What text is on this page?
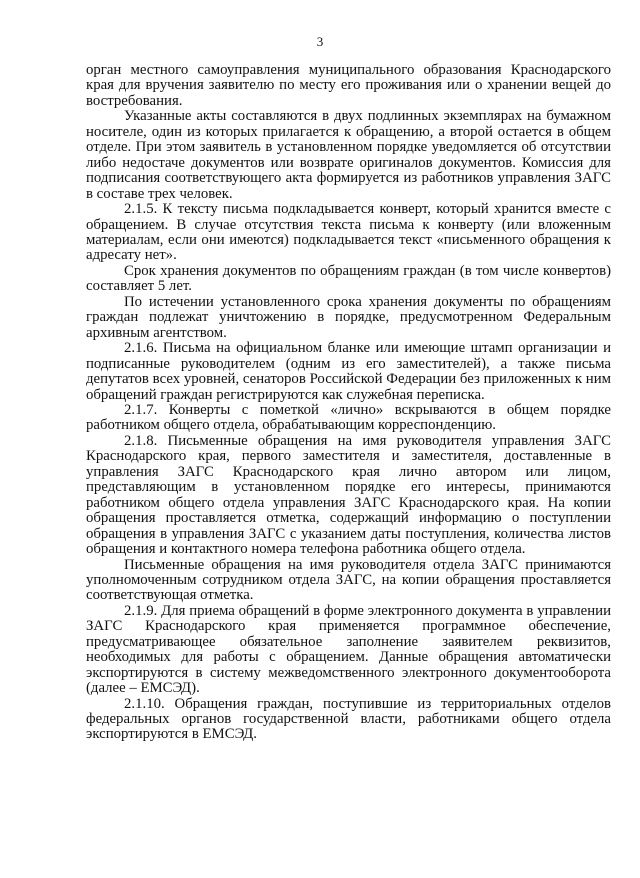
3

орган местного самоуправления муниципального образования Краснодарского края для вручения заявителю по месту его проживания или о хранении вещей до востребования.

Указанные акты составляются в двух подлинных экземплярах на бумажном носителе, один из которых прилагается к обращению, а второй остается в общем отделе. При этом заявитель в установленном порядке уведомляется об отсутствии либо недостаче документов или возврате оригиналов документов. Комиссия для подписания соответствующего акта формируется из работников управления ЗАГС в составе трех человек.

2.1.5. К тексту письма подкладывается конверт, который хранится вместе с обращением. В случае отсутствия текста письма к конверту (или вложенным материалам, если они имеются) подкладывается текст «письменного обращения к адресату нет».

Срок хранения документов по обращениям граждан (в том числе конвертов) составляет 5 лет.

По истечении установленного срока хранения документы по обращениям граждан подлежат уничтожению в порядке, предусмотренном Федеральным архивным агентством.

2.1.6. Письма на официальном бланке или имеющие штамп организации и подписанные руководителем (одним из его заместителей), а также письма депутатов всех уровней, сенаторов Российской Федерации без приложенных к ним обращений граждан регистрируются как служебная переписка.

2.1.7. Конверты с пометкой «лично» вскрываются в общем порядке работником общего отдела, обрабатывающим корреспонденцию.

2.1.8. Письменные обращения на имя руководителя управления ЗАГС Краснодарского края, первого заместителя и заместителя, доставленные в управления ЗАГС Краснодарского края лично автором или лицом, представляющим в установленном порядке его интересы, принимаются работником общего отдела управления ЗАГС Краснодарского края. На копии обращения проставляется отметка, содержащий информацию о поступлении обращения в управления ЗАГС с указанием даты поступления, количества листов обращения и контактного номера телефона работника общего отдела.

Письменные обращения на имя руководителя отдела ЗАГС принимаются уполномоченным сотрудником отдела ЗАГС, на копии обращения проставляется соответствующая отметка.

2.1.9. Для приема обращений в форме электронного документа в управлении ЗАГС Краснодарского края применяется программное обеспечение, предусматривающее обязательное заполнение заявителем реквизитов, необходимых для работы с обращением. Данные обращения автоматически экспортируются в систему межведомственного электронного документооборота (далее – ЕМСЭД).

2.1.10. Обращения граждан, поступившие из территориальных отделов федеральных органов государственной власти, работниками общего отдела экспортируются в ЕМСЭД.
